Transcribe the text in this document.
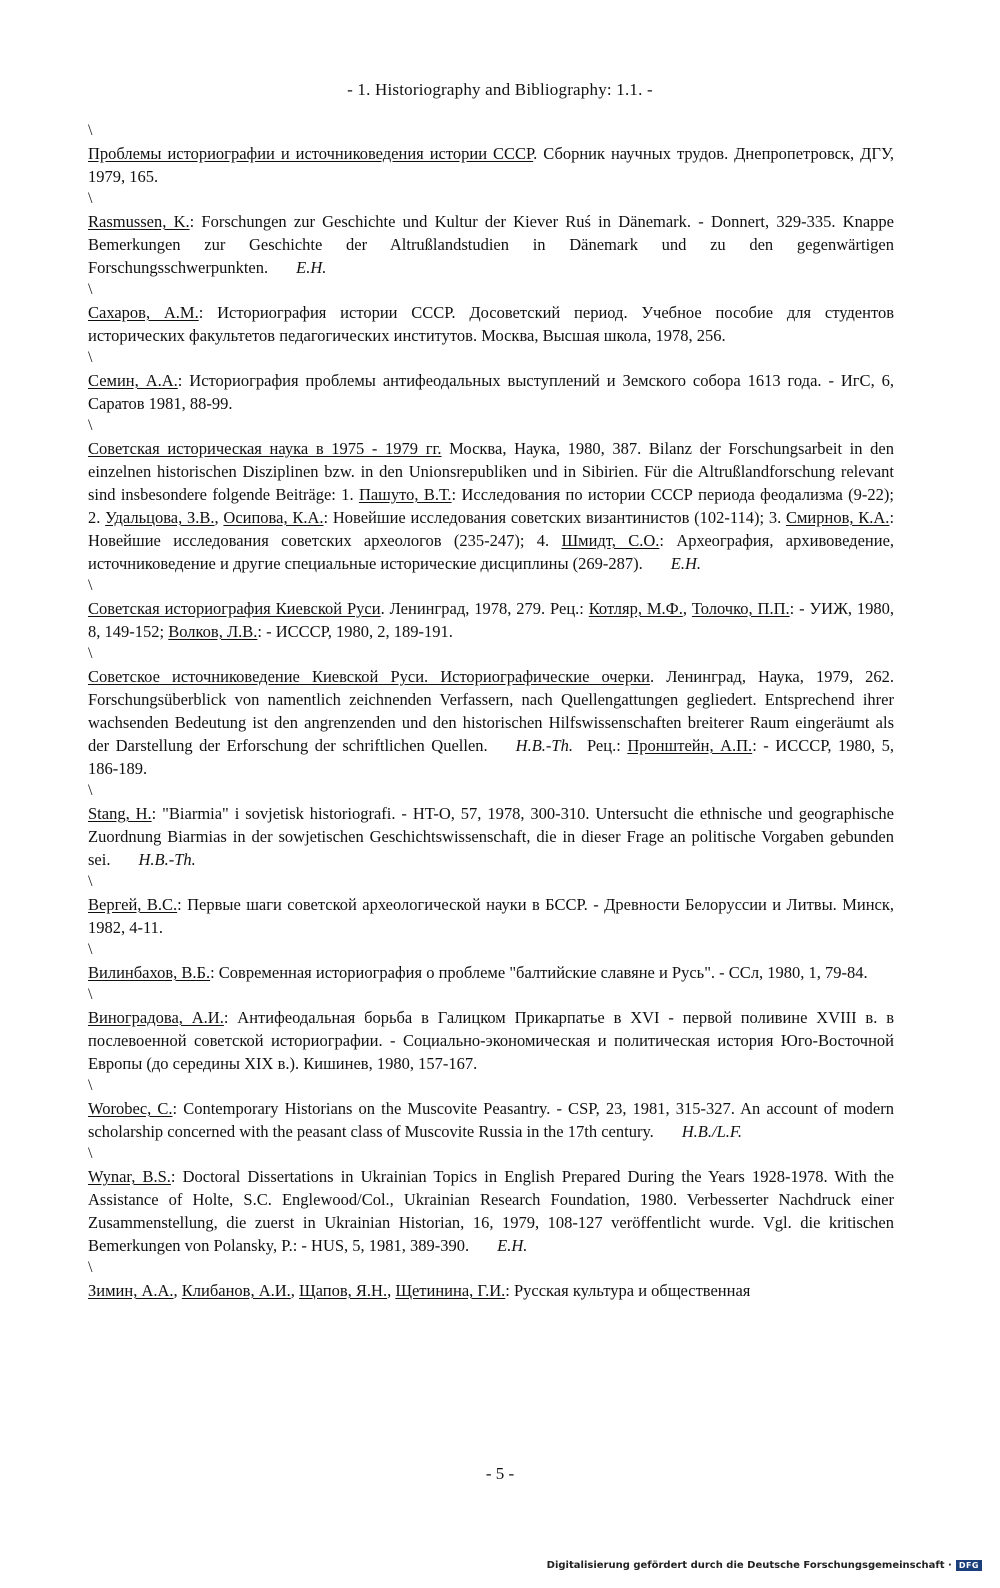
- 1. Historiography and Bibliography: 1.1. -
\

Проблемы историографии и источниковедения истории СССР. Сборник научных трудов. Днепропетровск, ДГУ, 1979, 165.

\

Rasmussen, K.: Forschungen zur Geschichte und Kultur der Kiever Ruś in Dänemark. - Donnert, 329-335. Knappe Bemerkungen zur Geschichte der Altrußlandstudien in Dänemark und zu den gegenwärtigen Forschungsschwerpunkten. E.H.

\

Сахаров, А.М.: Историография истории СССР. Досоветский период. Учебное пособие для студентов исторических факультетов педагогических институтов. Москва, Высшая школа, 1978, 256.

\

Семин, А.А.: Историография проблемы антифеодальных выступлений и Земского собора 1613 года. - ИгС, 6, Саратов 1981, 88-99.

\

Советская историческая наука в 1975 - 1979 гг. Москва, Наука, 1980, 387. Bilanz der Forschungsarbeit in den einzelnen historischen Disziplinen bzw. in den Unionsrepubliken und in Sibirien. Für die Altrußlandforschung relevant sind insbesondere folgende Beiträge: 1. Пашуто, В.Т.: Исследования по истории СССР периода феодализма (9-22); 2. Удальцова, З.В., Осипова, К.А.: Новейшие исследования советских византинистов (102-114); 3. Смирнов, К.А.: Новейшие исследования советских археологов (235-247); 4. Шмидт, С.О.: Археография, архивоведение, источниковедение и другие специальные исторические дисциплины (269-287). E.H.

\

Советская историография Киевской Руси. Ленинград, 1978, 279. Рец.: Котляр, М.Ф., Толочко, П.П.: - УИЖ, 1980, 8, 149-152; Волков, Л.В.: - ИССCР, 1980, 2, 189-191.

\

Советское источниковедение Киевской Руси. Историографические очерки. Ленинград, Наука, 1979, 262. Forschungsüberblick von namentlich zeichnenden Verfassern, nach Quellengattungen gegliedert. Entsprechend ihrer wachsenden Bedeutung ist den angrenzenden und den historischen Hilfswissenschaften breiterer Raum eingeräumt als der Darstellung der Erforschung der schriftlichen Quellen. H.B.-Th. Рец.: Пронштейн, А.П.: - ИССCР, 1980, 5, 186-189.

\

Stang, H.: "Biarmia" i sovjetisk historiografi. - HT-O, 57, 1978, 300-310. Untersucht die ethnische und geographische Zuordnung Biarmias in der sowjetischen Geschichtswissenschaft, die in dieser Frage an politische Vorgaben gebunden sei. H.B.-Th.

\

Вергей, В.С.: Первые шаги советской археологической науки в БССР. - Древности Белоруссии и Литвы. Минск, 1982, 4-11.

\

Вилинбахов, В.Б.: Современная историография о проблеме "балтийские славяне и Русь". - ССл, 1980, 1, 79-84.

\

Виноградова, А.И.: Антифеодальная борьба в Галицком Прикарпатье в XVI - первой поливине XVIII в. в послевоенной советской историографии. - Социально-экономическая и политическая история Юго-Восточной Европы (до середины XIX в.). Кишинев, 1980, 157-167.

\

Worobec, C.: Contemporary Historians on the Muscovite Peasantry. - CSP, 23, 1981, 315-327. An account of modern scholarship concerned with the peasant class of Muscovite Russia in the 17th century. H.B./L.F.

\

Wynar, B.S.: Doctoral Dissertations in Ukrainian Topics in English Prepared During the Years 1928-1978. With the Assistance of Holte, S.C. Englewood/Col., Ukrainian Research Foundation, 1980. Verbesserter Nachdruck einer Zusammenstellung, die zuerst in Ukrainian Historian, 16, 1979, 108-127 veröffentlicht wurde. Vgl. die kritischen Bemerkungen von Polansky, P.: - HUS, 5, 1981, 389-390. E.H.

\

Зимин, А.А., Клибанов, А.И., Щапов, Я.Н., Щетинина, Г.И.: Русская культура и общественная

- 5 -
Digitalisierung gefördert durch die Deutsche Forschungsgemeinschaft · DFG
